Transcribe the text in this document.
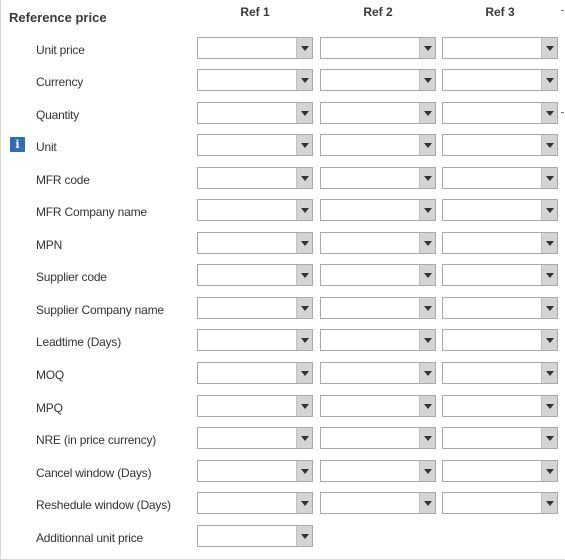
Reference price	Ref 1	Ref 2	Ref 3
Unit price
Currency
Quantity
i	Unit
MFR code
MFR Company name
MPN
Supplier code
Supplier Company name
Leadtime (Days)
MOQ
MPQ
NRE (in price currency)
Cancel window (Days)
Reshedule window (Days)
Additionnal unit price
